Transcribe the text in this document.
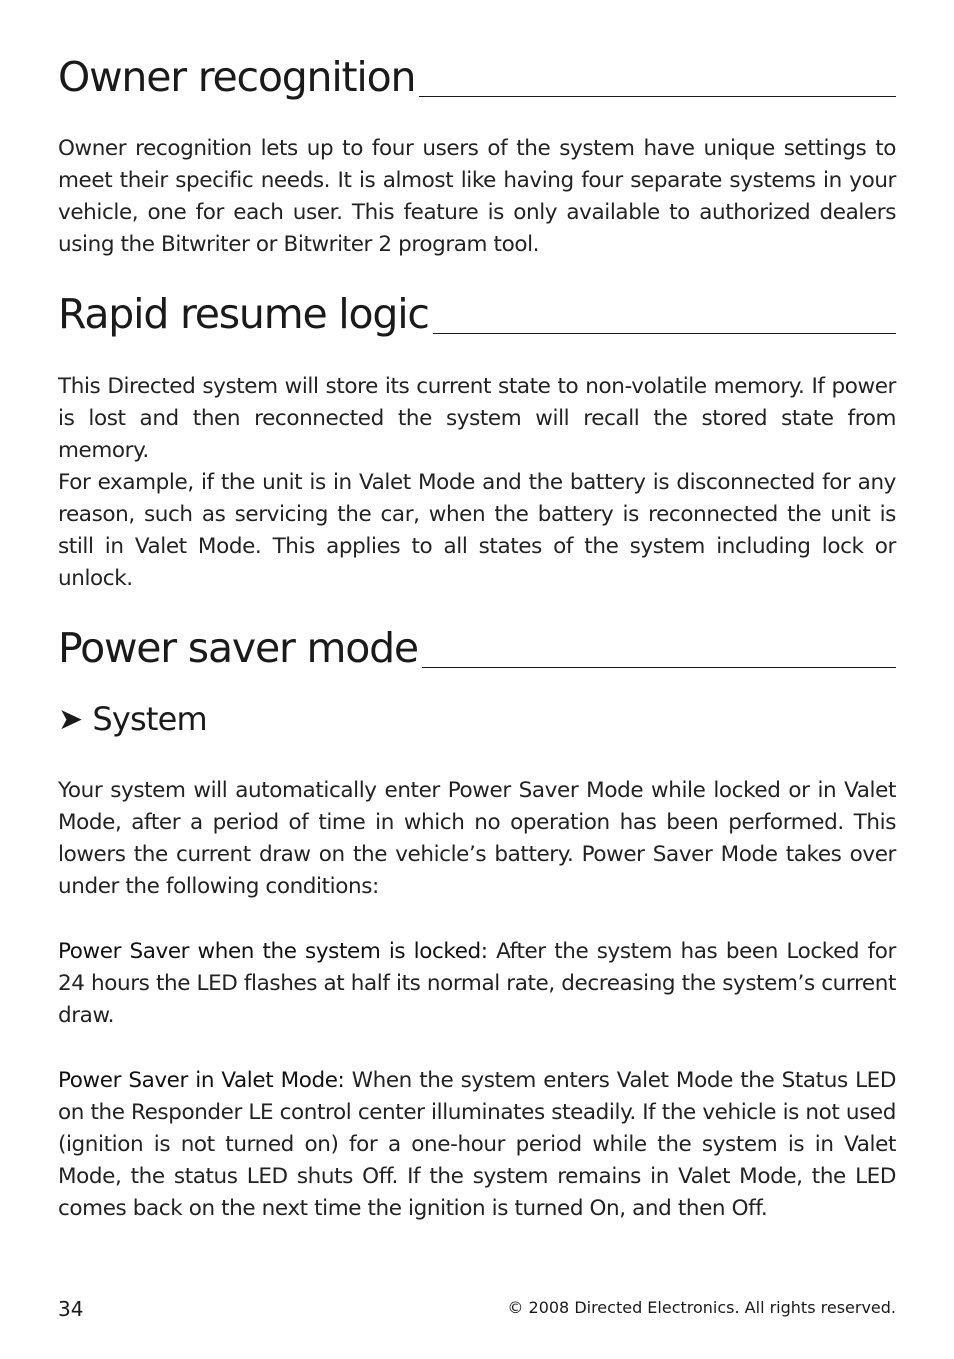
Owner recognition

Owner recognition lets up to four users of the system have unique settings to meet their specific needs. It is almost like having four separate systems in your vehicle, one for each user. This feature is only available to authorized dealers using the Bitwriter or Bitwriter 2 program tool.

Rapid resume logic

This Directed system will store its current state to non-volatile memory. If power is lost and then reconnected the system will recall the stored state from memory.

For example, if the unit is in Valet Mode and the battery is disconnected for any reason, such as servicing the car, when the battery is reconnected the unit is still in Valet Mode. This applies to all states of the system including lock or unlock.

Power saver mode
➤ System

Your system will automatically enter Power Saver Mode while locked or in Valet Mode, after a period of time in which no operation has been performed. This lowers the current draw on the vehicle’s battery. Power Saver Mode takes over under the following conditions:

Power Saver when the system is locked: After the system has been Locked for 24 hours the LED flashes at half its normal rate, decreasing the system’s current draw.

Power Saver in Valet Mode: When the system enters Valet Mode the Status LED on the Responder LE control center illuminates steadily. If the vehicle is not used (ignition is not turned on) for a one-hour period while the system is in Valet Mode, the status LED shuts Off. If the system remains in Valet Mode, the LED comes back on the next time the ignition is turned On, and then Off.

34	© 2008 Directed Electronics. All rights reserved.
